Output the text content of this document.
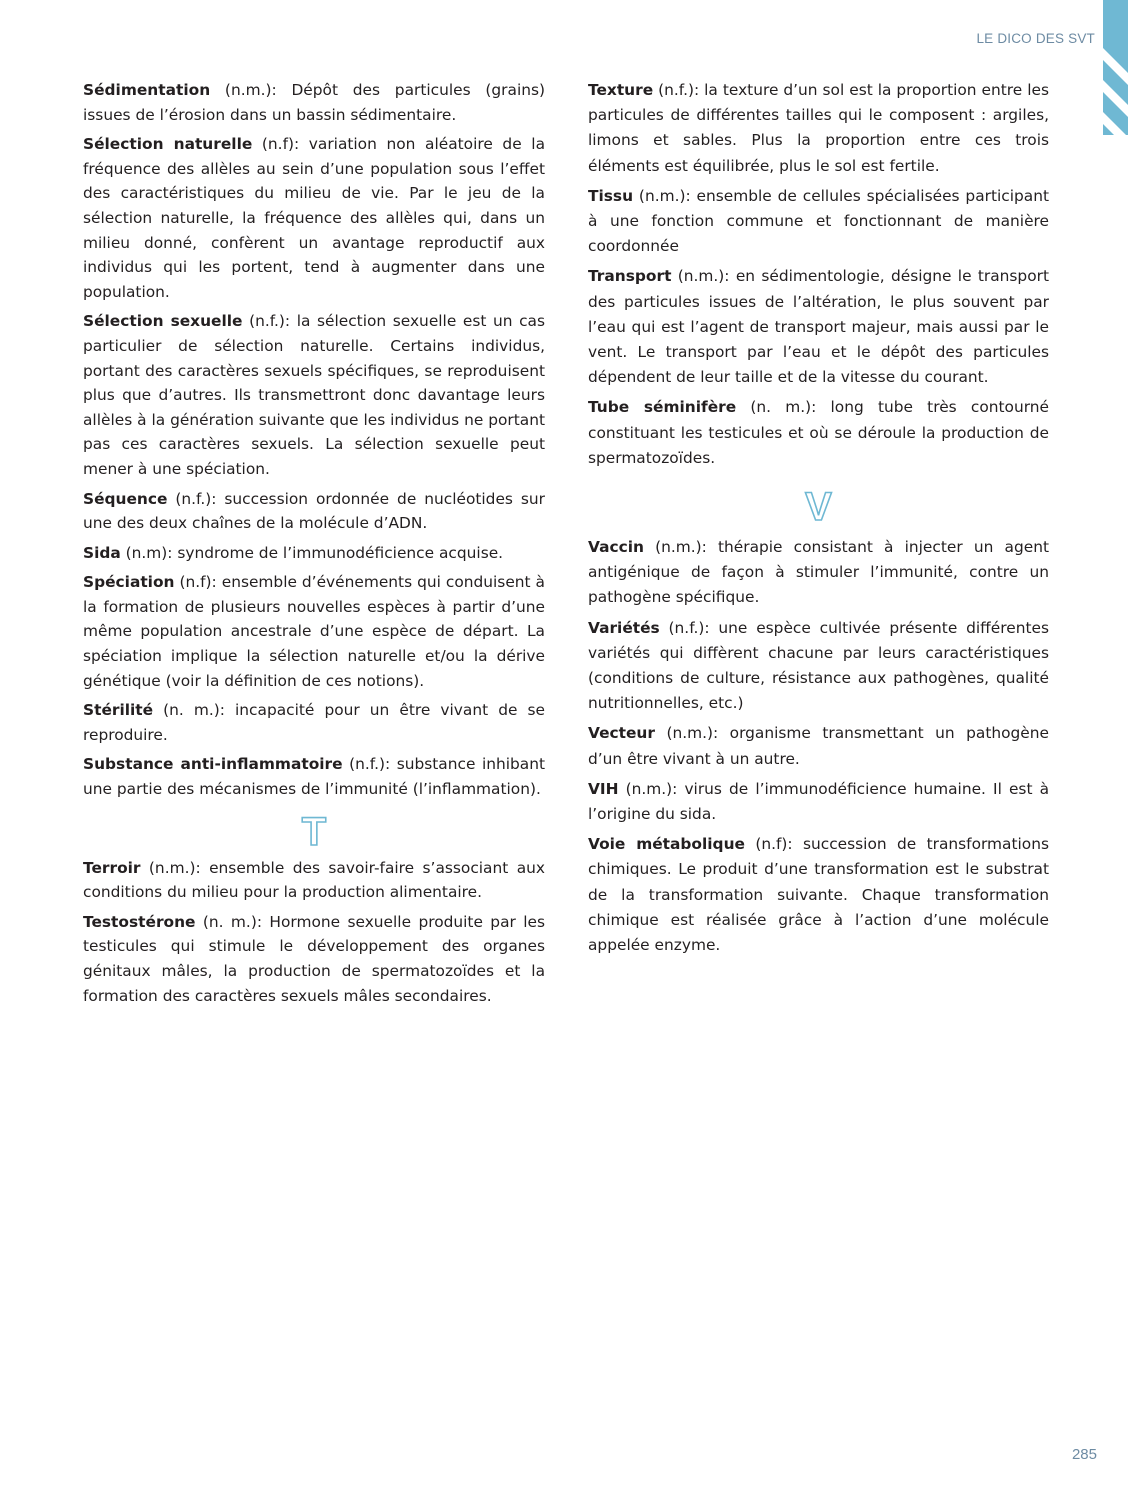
LE DICO DES SVT

Sédimentation (n.m.): Dépôt des particules (grains) issues de l’érosion dans un bassin sédimentaire.

Sélection naturelle (n.f): variation non aléatoire de la fréquence des allèles au sein d’une population sous l’effet des caractéristiques du milieu de vie. Par le jeu de la sélection naturelle, la fréquence des allèles qui, dans un milieu donné, confèrent un avantage reproductif aux individus qui les portent, tend à augmenter dans une population.

Sélection sexuelle (n.f.): la sélection sexuelle est un cas particulier de sélection naturelle. Certains individus, portant des caractères sexuels spécifiques, se reproduisent plus que d’autres. Ils transmettront donc davantage leurs allèles à la génération suivante que les individus ne portant pas ces caractères sexuels. La sélection sexuelle peut mener à une spéciation.

Séquence (n.f.): succession ordonnée de nucléotides sur une des deux chaînes de la molécule d’ADN.

Sida (n.m): syndrome de l’immunodéficience acquise.

Spéciation (n.f): ensemble d’événements qui conduisent à la formation de plusieurs nouvelles espèces à partir d’une même population ancestrale d’une espèce de départ. La spéciation implique la sélection naturelle et/ou la dérive génétique (voir la définition de ces notions).

Stérilité (n. m.): incapacité pour un être vivant de se reproduire.

Substance anti-inflammatoire (n.f.): substance inhibant une partie des mécanismes de l’immunité (l’inflammation).

T

Terroir (n.m.): ensemble des savoir-faire s’associant aux conditions du milieu pour la production alimentaire.

Testostérone (n. m.): Hormone sexuelle produite par les testicules qui stimule le développement des organes génitaux mâles, la production de spermatozoïdes et la formation des caractères sexuels mâles secondaires.

Texture (n.f.): la texture d’un sol est la proportion entre les particules de différentes tailles qui le composent : argiles, limons et sables. Plus la proportion entre ces trois éléments est équilibrée, plus le sol est fertile.

Tissu (n.m.): ensemble de cellules spécialisées participant à une fonction commune et fonctionnant de manière coordonnée

Transport (n.m.): en sédimentologie, désigne le transport des particules issues de l’altération, le plus souvent par l’eau qui est l’agent de transport majeur, mais aussi par le vent. Le transport par l’eau et le dépôt des particules dépendent de leur taille et de la vitesse du courant.

Tube séminifère (n. m.): long tube très contourné constituant les testicules et où se déroule la production de spermatozoïdes.

V

Vaccin (n.m.): thérapie consistant à injecter un agent antigénique de façon à stimuler l’immunité, contre un pathogène spécifique.

Variétés (n.f.): une espèce cultivée présente différentes variétés qui diffèrent chacune par leurs caractéristiques (conditions de culture, résistance aux pathogènes, qualité nutritionnelles, etc.)

Vecteur (n.m.): organisme transmettant un pathogène d’un être vivant à un autre.

VIH (n.m.): virus de l’immunodéficience humaine. Il est à l’origine du sida.

Voie métabolique (n.f): succession de transformations chimiques. Le produit d’une transformation est le substrat de la transformation suivante. Chaque transformation chimique est réalisée grâce à l’action d’une molécule appelée enzyme.

285
